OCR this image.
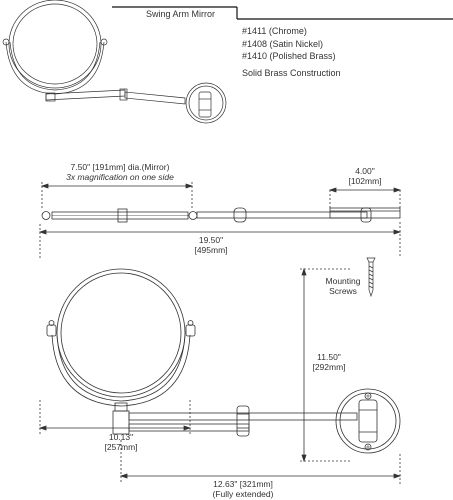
Swing Arm Mirror
#1411 (Chrome)
#1408 (Satin Nickel)
#1410 (Polished Brass)
Solid Brass Construction
7.50" [191mm] dia.(Mirror)
3x magnification on one side
4.00"
[102mm]
19.50"
[495mm]
Mounting
Screws
11.50"
[292mm]
10.13"
[257mm]
12.63" [321mm]
(Fully extended)
